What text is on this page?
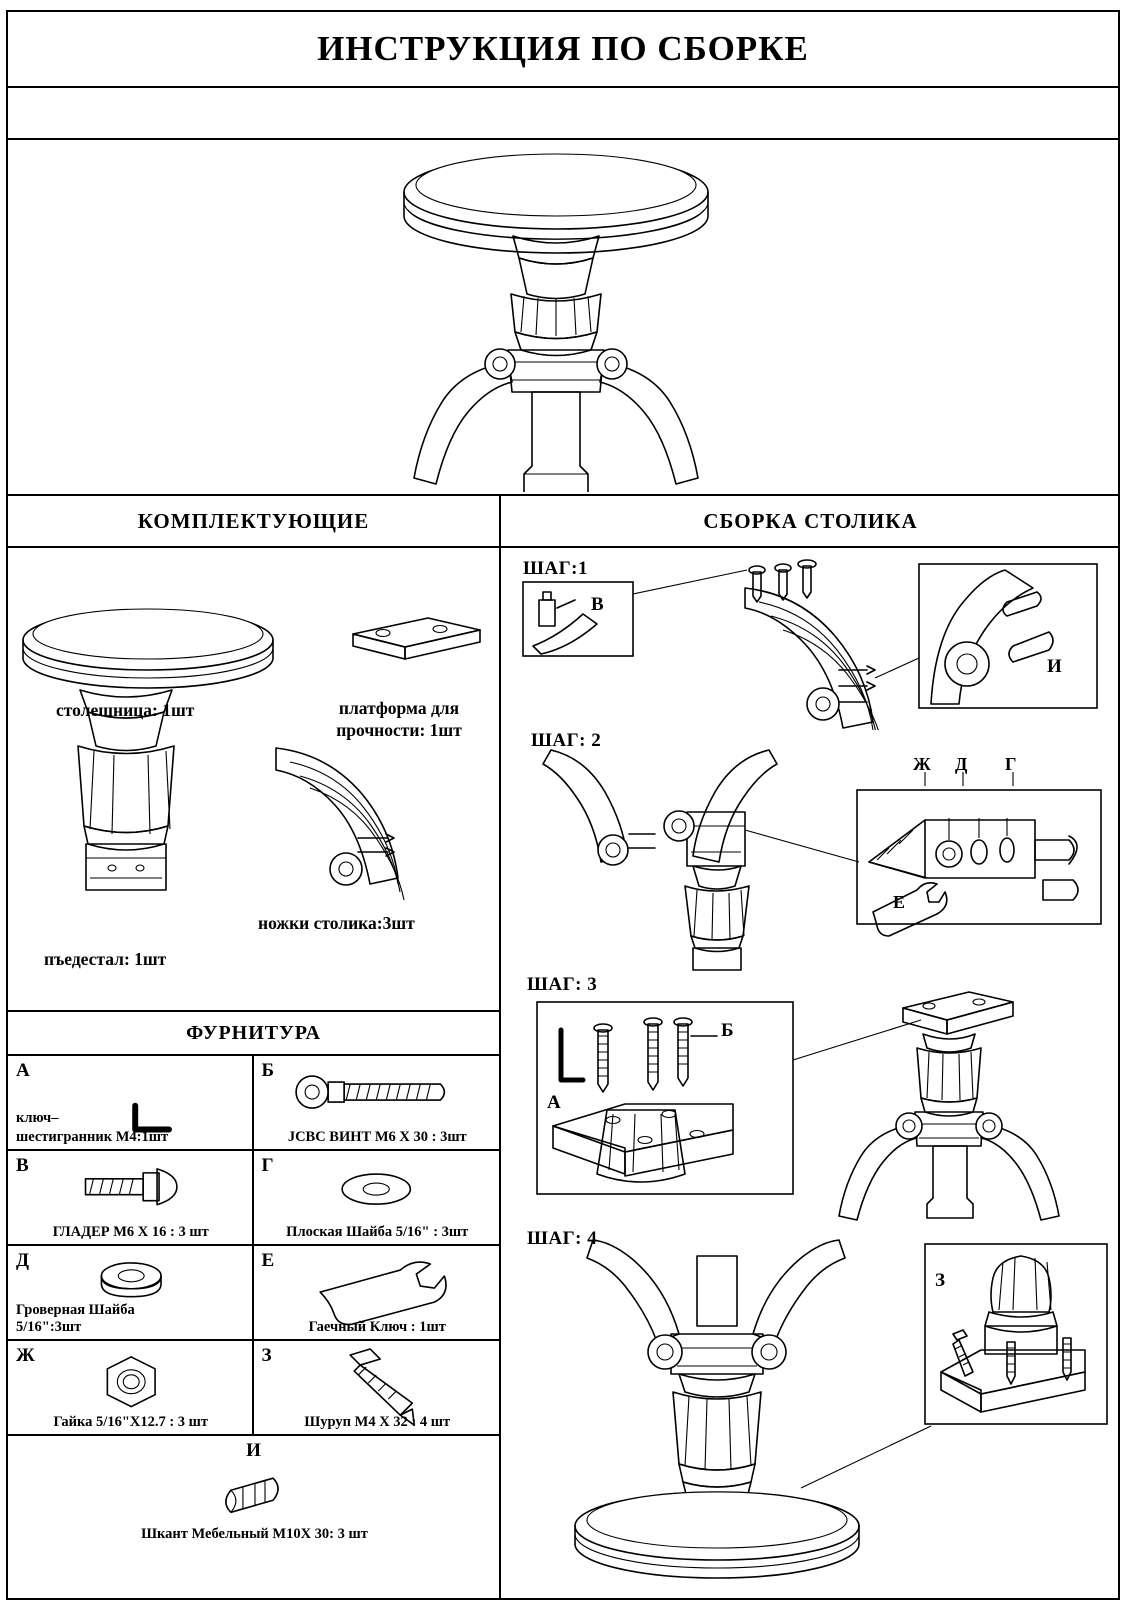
ИНСТРУКЦИЯ ПО СБОРКЕ
КОМПЛЕКТУЮЩИЕ
столешница: 1шт	платформа для прочности: 1шт
пъедестал: 1шт
ножки столика:3шт
ФУРНИТУРА
А
ключ–
шестигранник М4:1шт
Б
JCBC ВИНТ M6 X 30 : 3шт
В
ГЛАДЕР M6 X 16 : 3 шт
Г
Плоская Шайба 5/16" : 3шт
Д
Гроверная Шайба
5/16":3шт
Е
Гаечный Ключ : 1шт
Ж
Гайка 5/16"X12.7 : 3 шт
З
Шуруп M4 X 32 : 4 шт
И
Шкант Мебельный M10X 30: 3 шт
СБОРКА СТОЛИКА
ШАГ:1
В
И
ШАГ: 2
Е
Ж Д Г
ШАГ: 3
А
Б
ШАГ: 4
З
